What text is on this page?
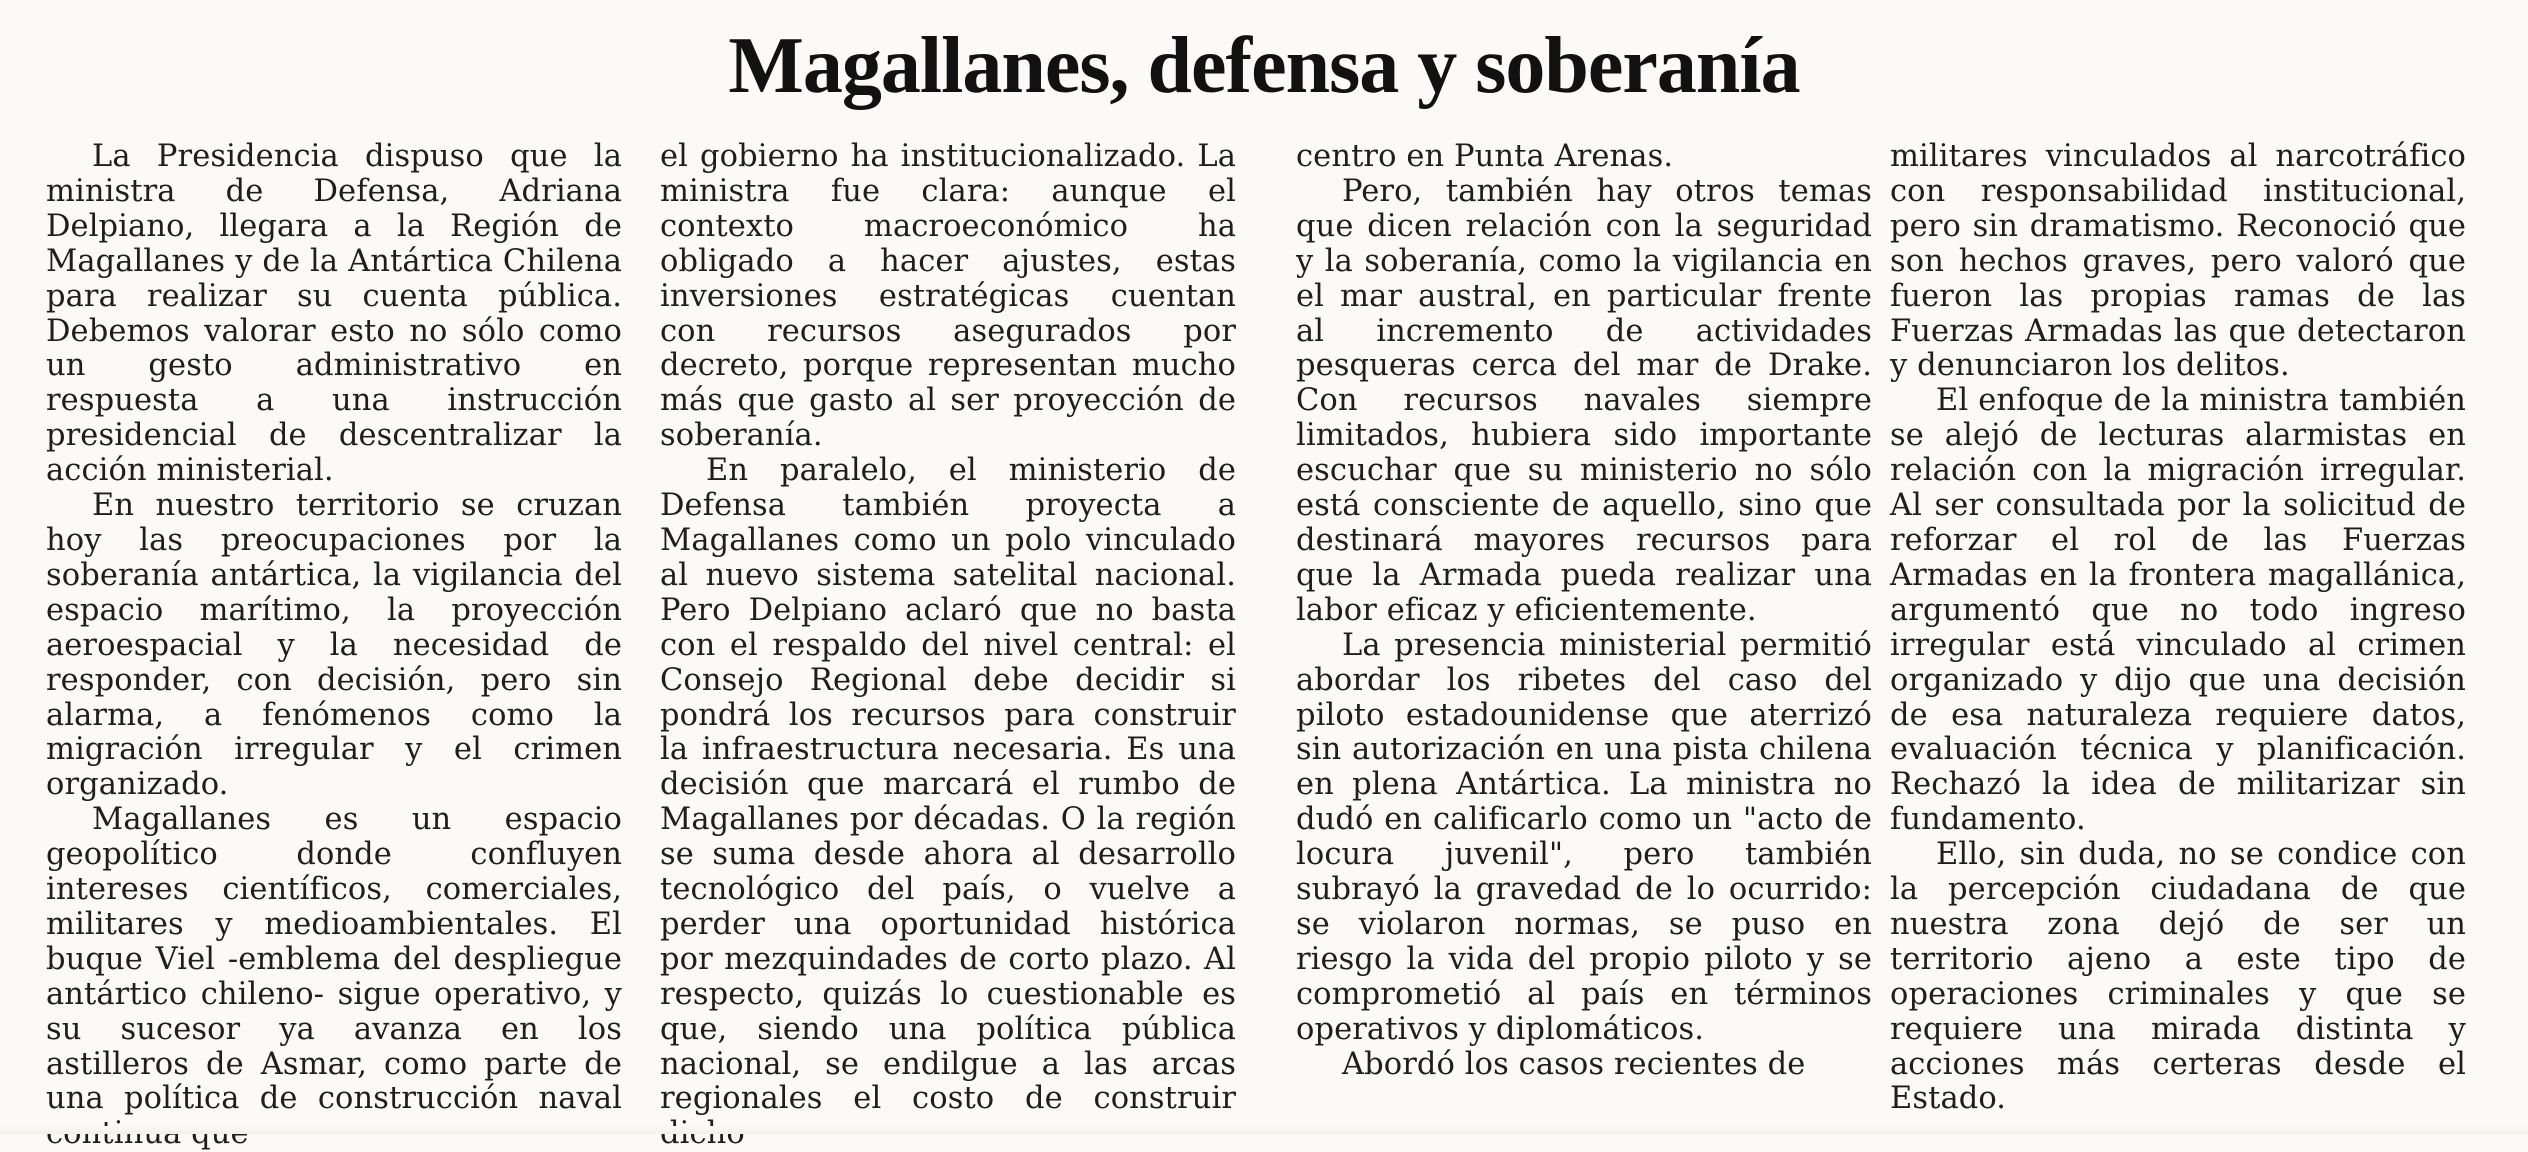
Magallanes, defensa y soberanía

La Presidencia dispuso que la ministra de Defensa, Adriana Delpiano, llegara a la Región de Magallanes y de la Antártica Chilena para realizar su cuenta pública. Debemos valorar esto no sólo como un gesto administrativo en respuesta a una instrucción presidencial de descentralizar la acción ministerial.

En nuestro territorio se cruzan hoy las preocupaciones por la soberanía antártica, la vigilancia del espacio marítimo, la proyección aeroespacial y la necesidad de responder, con decisión, pero sin alarma, a fenómenos como la migración irregular y el crimen organizado.

Magallanes es un espacio geopolítico donde confluyen intereses científicos, comerciales, militares y medioambientales. El buque Viel -emblema del despliegue antártico chileno- sigue operativo, y su sucesor ya avanza en los astilleros de Asmar, como parte de una política de construcción naval

el gobierno ha institucionalizado. La ministra fue clara: aunque el contexto macroeconómico ha obligado a hacer ajustes, estas inversiones estratégicas cuentan con recursos asegurados por decreto, porque representan mucho más que gasto al ser proyección de soberanía.

En paralelo, el ministerio de Defensa también proyecta a Magallanes como un polo vinculado al nuevo sistema satelital nacional. Pero Delpiano aclaró que no basta con el respaldo del nivel central: el Consejo Regional debe decidir si pondrá los recursos para construir la infraestructura necesaria. Es una decisión que marcará el rumbo de Magallanes por décadas. O la región se suma desde ahora al desarrollo tecnológico del país, o vuelve a perder una oportunidad histórica por mezquindades de corto plazo. Al respecto, quizás lo cuestionable es que, siendo una política pública nacional, se endilgue a las arcas regionales el costo de construir

centro en Punta Arenas.

Pero, también hay otros temas que dicen relación con la seguridad y la soberanía, como la vigilancia en el mar austral, en particular frente al incremento de actividades pesqueras cerca del mar de Drake. Con recursos navales siempre limitados, hubiera sido importante escuchar que su ministerio no sólo está consciente de aquello, sino que destinará mayores recursos para que la Armada pueda realizar una labor eficaz y eficientemente.

La presencia ministerial permitió abordar los ribetes del caso del piloto estadounidense que aterrizó sin autorización en una pista chilena en plena Antártica. La ministra no dudó en calificarlo como un "acto de locura juvenil", pero también subrayó la gravedad de lo ocurrido: se violaron normas, se puso en riesgo la vida del propio piloto y se comprometió al país en términos operativos y diplomáticos.

Abordó los casos recientes de

militares vinculados al narcotráfico con responsabilidad institucional, pero sin dramatismo. Reconoció que son hechos graves, pero valoró que fueron las propias ramas de las Fuerzas Armadas las que detectaron y denunciaron los delitos.

El enfoque de la ministra también se alejó de lecturas alarmistas en relación con la migración irregular. Al ser consultada por la solicitud de reforzar el rol de las Fuerzas Armadas en la frontera magallánica, argumentó que no todo ingreso irregular está vinculado al crimen organizado y dijo que una decisión de esa naturaleza requiere datos, evaluación técnica y planificación. Rechazó la idea de militarizar sin fundamento.

Ello, sin duda, no se condice con la percepción ciudadana de que nuestra zona dejó de ser un territorio ajeno a este tipo de operaciones criminales y que se requiere una mirada distinta y acciones más certeras desde el Estado.
